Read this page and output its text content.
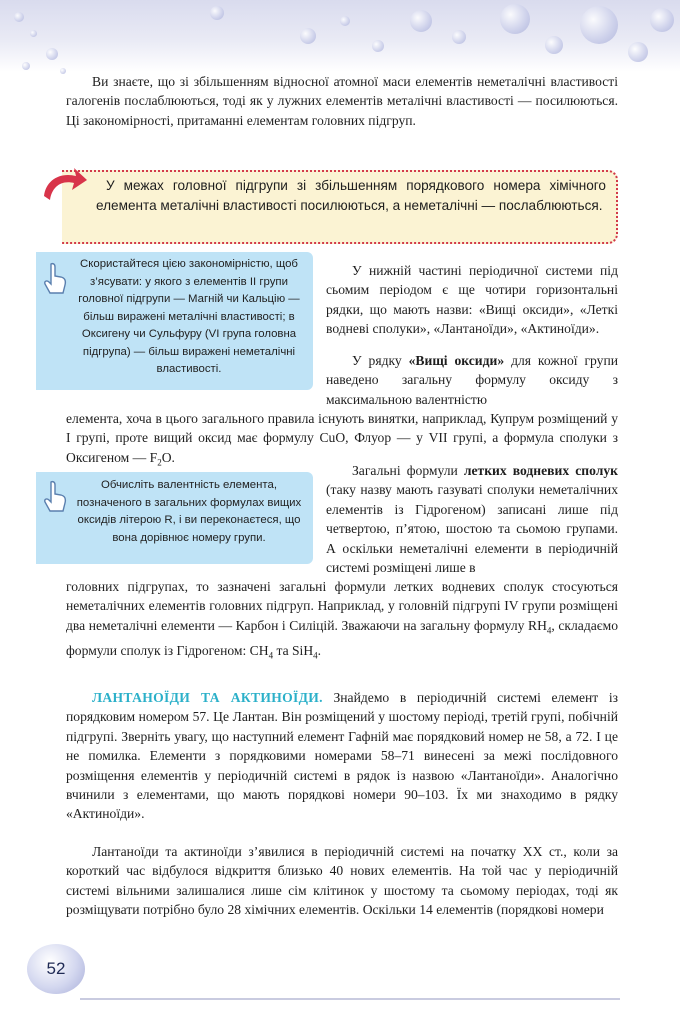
Ви знаєте, що зі збільшенням відносної атомної маси елементів неметалічні властивості галогенів послаблюються, тоді як у лужних елементів металічні властивості — посилюються. Ці закономірності, притаманні елементам головних підгруп.

У межах головної підгрупи зі збільшенням порядкового номера хімічного елемента металічні властивості посилюються, а неметалічні — послаблюються.

Скористайтеся цією закономірністю, щоб з’ясувати: у якого з елементів ІІ групи головної підгрупи — Магній чи Кальцію — більш виражені металічні властивості; в Оксигену чи Сульфуру (VI група головна підгрупа) — більш виражені неметалічні властивості.

Обчисліть валентність елемента, позначеного в загальних формулах вищих оксидів літерою R, і ви переконаєтеся, що вона дорівнює номеру групи.

У нижній частині періодичної системи під сьомим періодом є ще чотири горизонтальні рядки, що мають назви: «Вищі оксиди», «Леткі водневі сполуки», «Лантаноїди», «Актиноїди».

У рядку «Вищі оксиди» для кожної групи наведено загальну формулу оксиду з максимальною валентністю

елемента, хоча в цього загального правила існують винятки, наприклад, Купрум розміщений у І групі, проте вищий оксид має формулу CuO, Флуор — у VII групі, а формула сполуки з Оксигеном — $F_2O$.

Загальні формули летких водневих сполук (таку назву мають газуваті сполуки неметалічних елементів із Гідрогеном) записані лише під четвертою, п’ятою, шостою та сьомою групами. А оскільки неметалічні елементи в періодичній системі розміщені лише в

головних підгрупах, то зазначені загальні формули летких водневих сполук стосуються неметалічних елементів головних підгруп. Наприклад, у головній підгрупі IV групи розміщені два неметалічні елементи — Карбон і Силіцій. Зважаючи на загальну формулу $RH_4$, складаємо формули сполук із Гідрогеном: $CH_4$ та SiH$_4$.

ЛАНТАНОЇДИ ТА АКТИНОЇДИ. Знайдемо в періодичній системі елемент із порядковим номером 57. Це Лантан. Він розміщений у шостому періоді, третій групі, побічній підгрупі. Зверніть увагу, що наступний елемент Гафній має порядковий номер не 58, а 72. І це не помилка. Елементи з порядковими номерами 58–71 винесені за межі послідовного розміщення елементів у періодичній системі в рядок із назвою «Лантаноїди». Аналогічно вчинили з елементами, що мають порядкові номери 90–103. Їх ми знаходимо в рядку «Актиноїди».

Лантаноїди та актиноїди з’явилися в періодичній системі на початку XX ст., коли за короткий час відбулося відкриття близько 40 нових елементів. На той час у періодичній системі вільними залишалися лише сім клітинок у шостому та сьомому періодах, тоді як розміщувати потрібно було 28 хімічних елементів. Оскільки 14 елементів (порядкові номери

52
